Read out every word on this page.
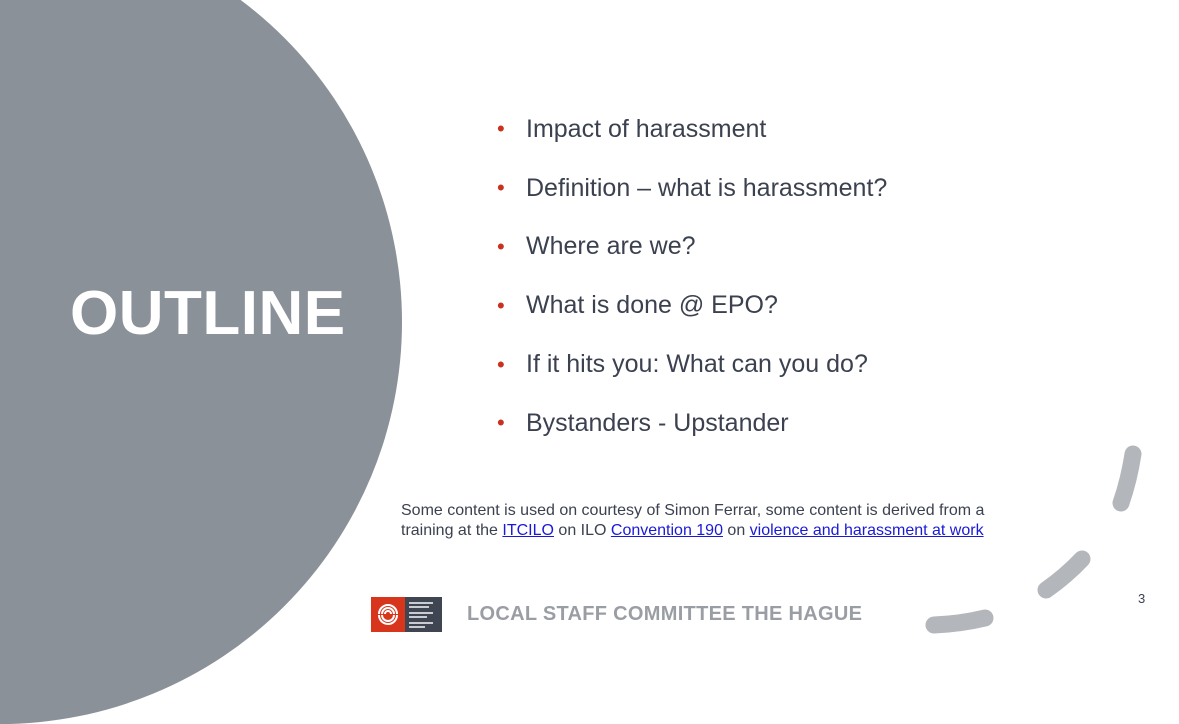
OUTLINE
• Impact of harassment
• Definition – what is harassment?
• Where are we?
• What is done @ EPO?
• If it hits you: What can you do?
• Bystanders - Upstander
Some content is used on courtesy of Simon Ferrar, some content is derived from a
training at the ITCILO on ILO Convention 190 on violence and harassment at work
LOCAL STAFF COMMITTEE THE HAGUE
3
